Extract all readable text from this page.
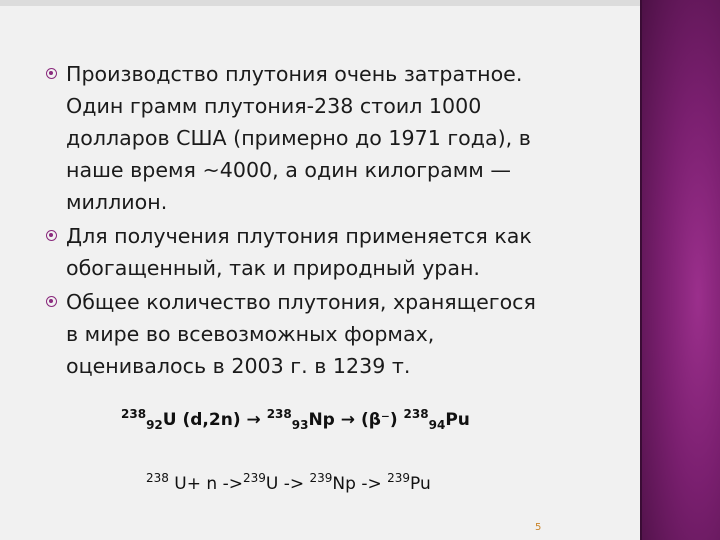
Производство плутония очень затратное.
Один грамм плутония-238 стоил 1000
долларов США (примерно до 1971 года), в
наше время ~4000, а один килограмм —
миллион.
Для получения плутония применяется как
обогащенный, так и природный уран.
Общее количество плутония, хранящегося
в мире во всевозможных формах,
оценивалось в 2003 г. в 1239 т.
$^{238}_{92}$U (d,2n) → $^{238}_{93}$Np → (β⁻) $^{238}_{94}$Pu
$^{238}$ U+ n ->$^{239}$U -> $^{239}$Np -> $^{239}$Pu
5
